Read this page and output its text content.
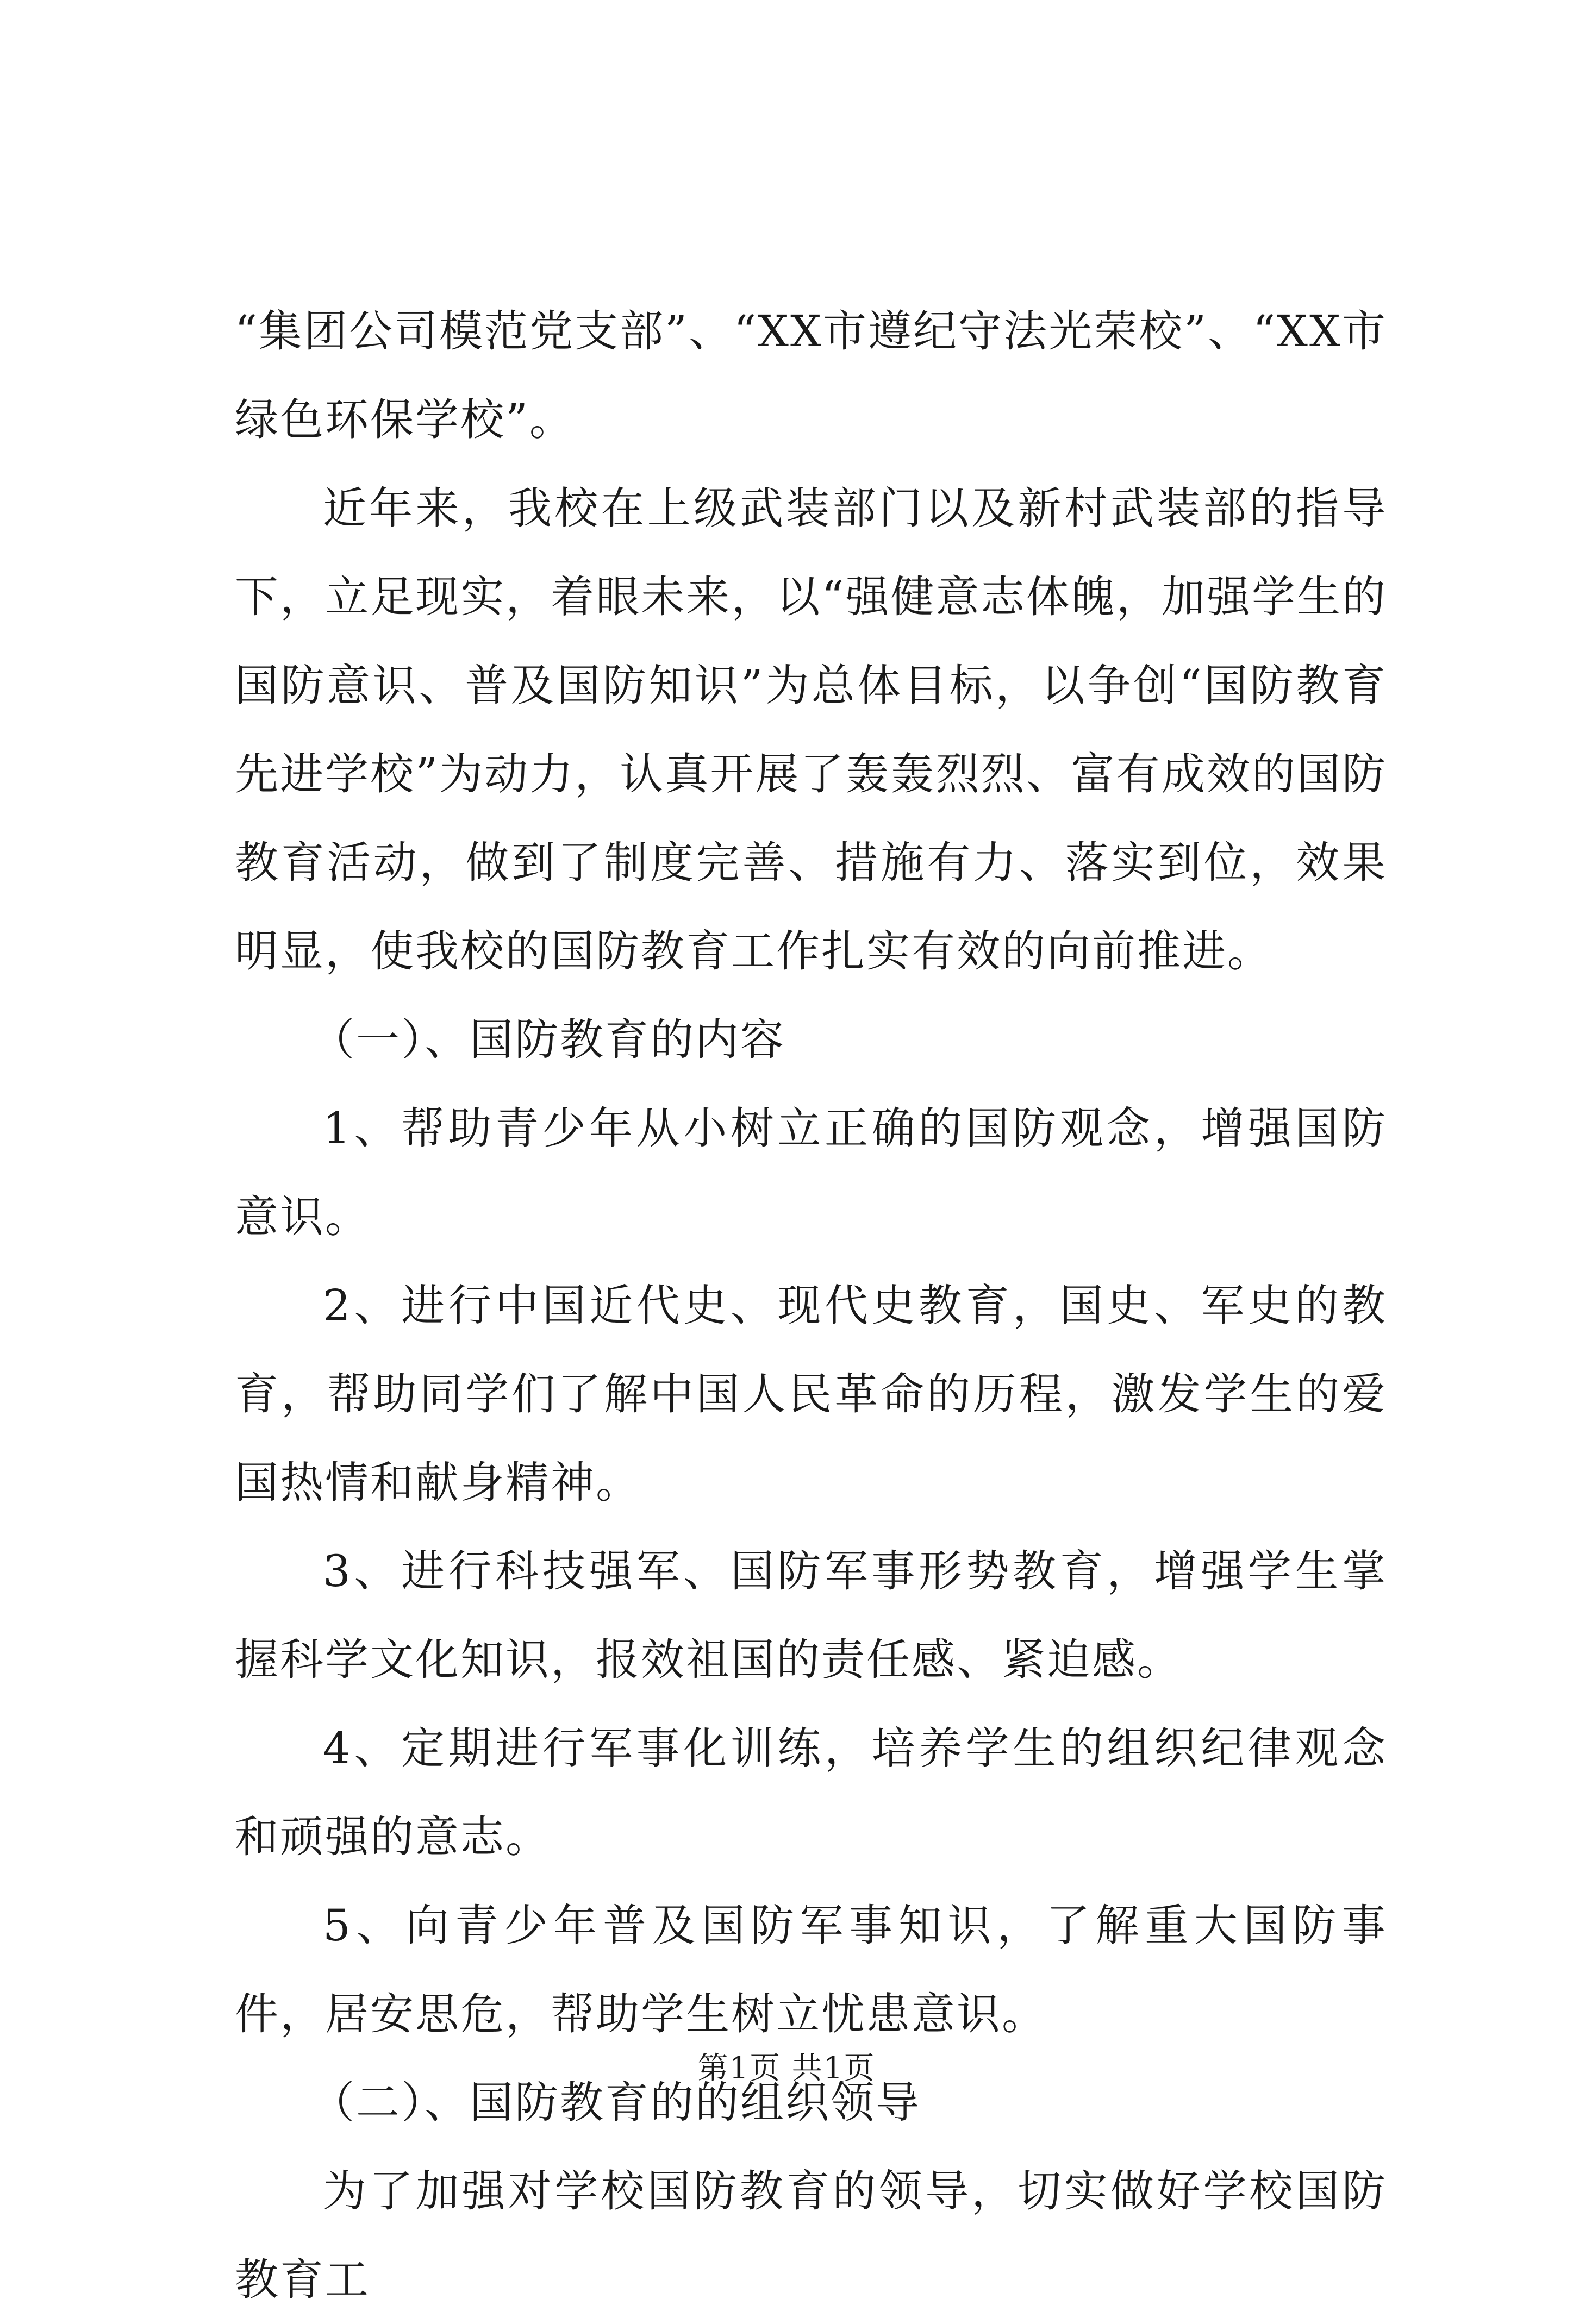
“集团公司模范党支部”、“XX市遵纪守法光荣校”、“XX市绿色环保学校”。

近年来，我校在上级武装部门以及新村武装部的指导下，立足现实，着眼未来，以“强健意志体魄，加强学生的国防意识、普及国防知识”为总体目标，以争创“国防教育先进学校”为动力，认真开展了轰轰烈烈、富有成效的国防教育活动，做到了制度完善、措施有力、落实到位，效果明显，使我校的国防教育工作扎实有效的向前推进。

（一）、国防教育的内容

1、帮助青少年从小树立正确的国防观念，增强国防意识。

2、进行中国近代史、现代史教育，国史、军史的教育，帮助同学们了解中国人民革命的历程，激发学生的爱国热情和献身精神。

3、进行科技强军、国防军事形势教育，增强学生掌握科学文化知识，报效祖国的责任感、紧迫感。

4、定期进行军事化训练，培养学生的组织纪律观念和顽强的意志。

5、向青少年普及国防军事知识，了解重大国防事件，居安思危，帮助学生树立忧患意识。

（二）、国防教育的的组织领导

为了加强对学校国防教育的领导，切实做好学校国防教育工

第1页 共1页
